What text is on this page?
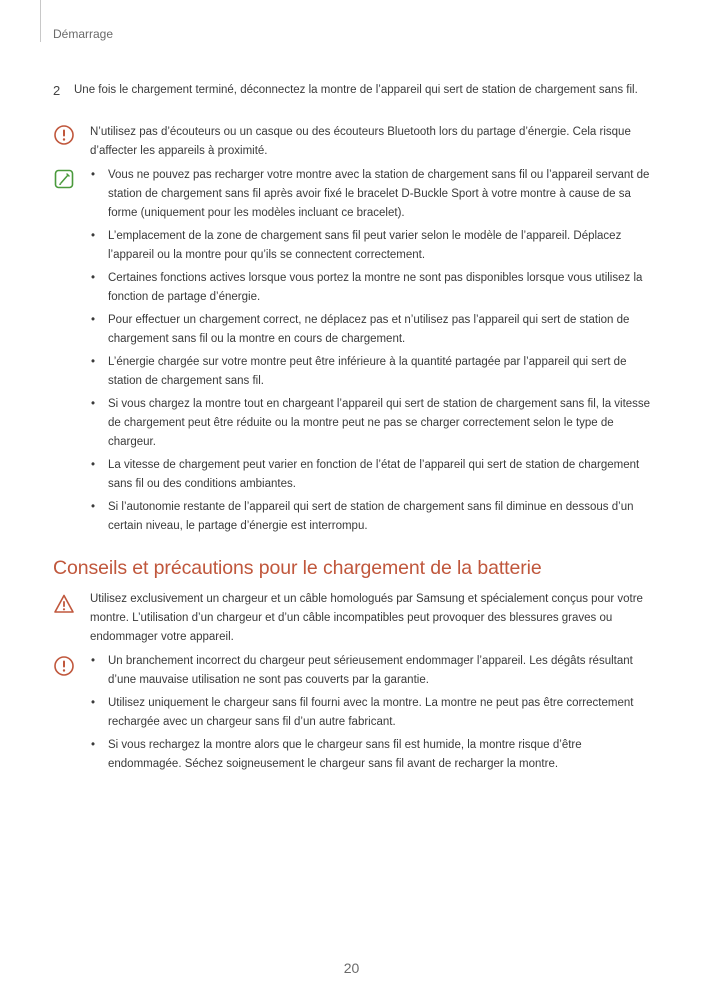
Démarrage
2 Une fois le chargement terminé, déconnectez la montre de l’appareil qui sert de station de chargement sans fil.
N’utilisez pas d’écouteurs ou un casque ou des écouteurs Bluetooth lors du partage d’énergie. Cela risque d’affecter les appareils à proximité.
• Vous ne pouvez pas recharger votre montre avec la station de chargement sans fil ou l’appareil servant de station de chargement sans fil après avoir fixé le bracelet D-Buckle Sport à votre montre à cause de sa forme (uniquement pour les modèles incluant ce bracelet).
• L’emplacement de la zone de chargement sans fil peut varier selon le modèle de l’appareil. Déplacez l’appareil ou la montre pour qu’ils se connectent correctement.
• Certaines fonctions actives lorsque vous portez la montre ne sont pas disponibles lorsque vous utilisez la fonction de partage d’énergie.
• Pour effectuer un chargement correct, ne déplacez pas et n’utilisez pas l’appareil qui sert de station de chargement sans fil ou la montre en cours de chargement.
• L’énergie chargée sur votre montre peut être inférieure à la quantité partagée par l’appareil qui sert de station de chargement sans fil.
• Si vous chargez la montre tout en chargeant l’appareil qui sert de station de chargement sans fil, la vitesse de chargement peut être réduite ou la montre peut ne pas se charger correctement selon le type de chargeur.
• La vitesse de chargement peut varier en fonction de l’état de l’appareil qui sert de station de chargement sans fil ou des conditions ambiantes.
• Si l’autonomie restante de l’appareil qui sert de station de chargement sans fil diminue en dessous d’un certain niveau, le partage d’énergie est interrompu.
Conseils et précautions pour le chargement de la batterie
Utilisez exclusivement un chargeur et un câble homologués par Samsung et spécialement conçus pour votre montre. L’utilisation d’un chargeur et d’un câble incompatibles peut provoquer des blessures graves ou endommager votre appareil.
• Un branchement incorrect du chargeur peut sérieusement endommager l’appareil. Les dégâts résultant d’une mauvaise utilisation ne sont pas couverts par la garantie.
• Utilisez uniquement le chargeur sans fil fourni avec la montre. La montre ne peut pas être correctement rechargée avec un chargeur sans fil d’un autre fabricant.
• Si vous rechargez la montre alors que le chargeur sans fil est humide, la montre risque d’être endommagée. Séchez soigneusement le chargeur sans fil avant de recharger la montre.
20
